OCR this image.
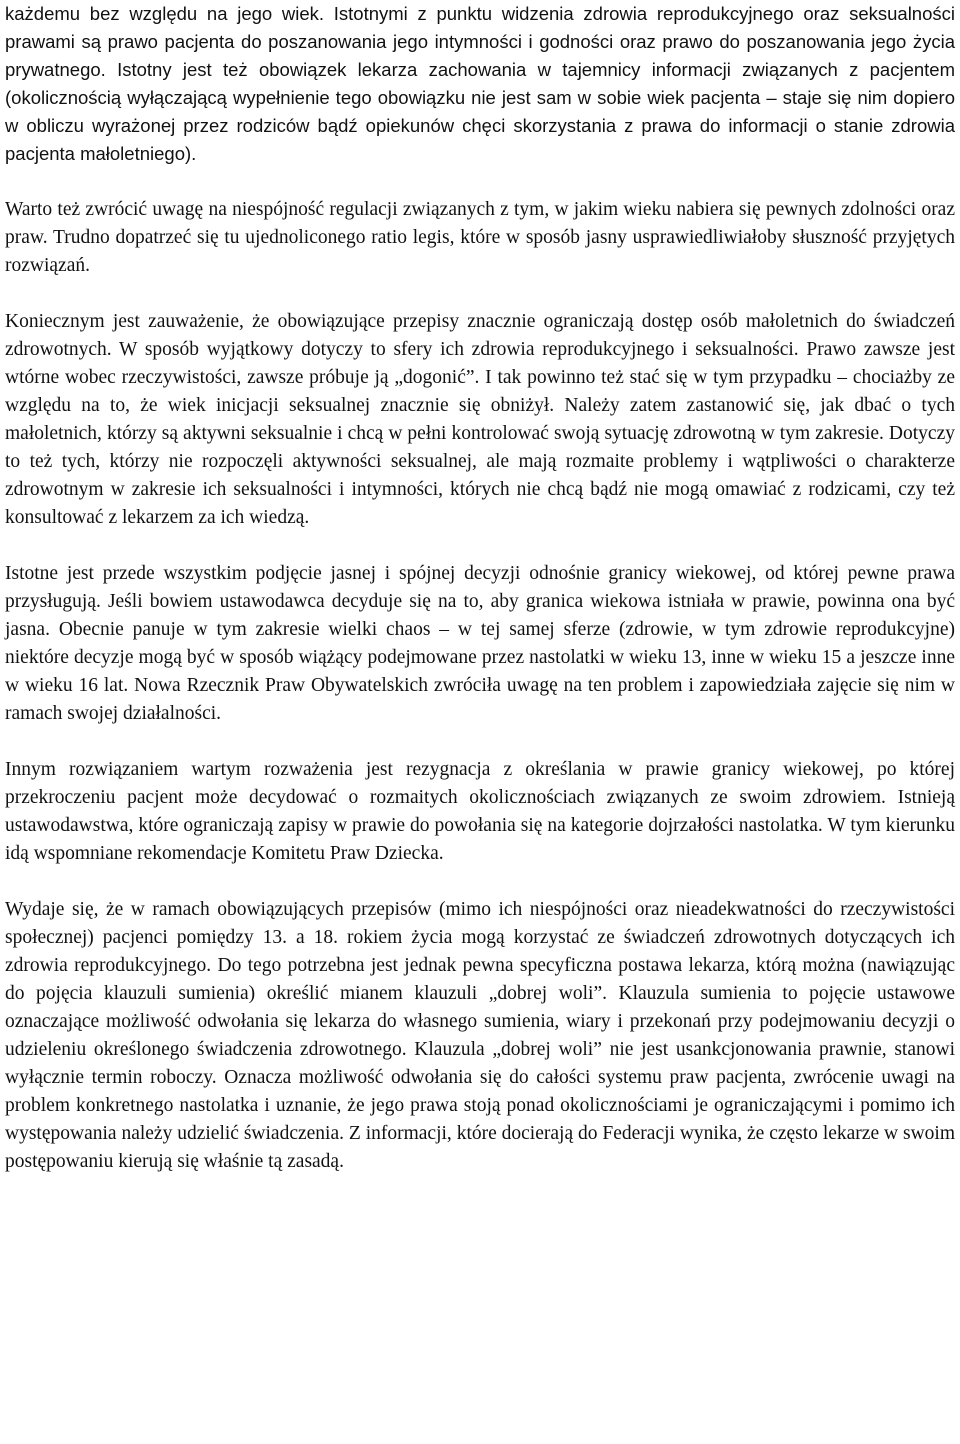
każdemu bez względu na jego wiek. Istotnymi z punktu widzenia zdrowia reprodukcyjnego oraz seksualności prawami są prawo pacjenta do poszanowania jego intymności i godności oraz prawo do poszanowania jego życia prywatnego. Istotny jest też obowiązek lekarza zachowania w tajemnicy informacji związanych z pacjentem (okolicznością wyłączającą wypełnienie tego obowiązku nie jest sam w sobie wiek pacjenta – staje się nim dopiero w obliczu wyrażonej przez rodziców bądź opiekunów chęci skorzystania z prawa do informacji o stanie zdrowia pacjenta małoletniego).

Warto też zwrócić uwagę na niespójność regulacji związanych z tym, w jakim wieku nabiera się pewnych zdolności oraz praw. Trudno dopatrzeć się tu ujednoliconego ratio legis, które w sposób jasny usprawiedliwiałoby słuszność przyjętych rozwiązań.

Koniecznym jest zauważenie, że obowiązujące przepisy znacznie ograniczają dostęp osób małoletnich do świadczeń zdrowotnych. W sposób wyjątkowy dotyczy to sfery ich zdrowia reprodukcyjnego i seksualności. Prawo zawsze jest wtórne wobec rzeczywistości, zawsze próbuje ją „dogonić”. I tak powinno też stać się w tym przypadku – chociażby ze względu na to, że wiek inicjacji seksualnej znacznie się obniżył. Należy zatem zastanowić się, jak dbać o tych małoletnich, którzy są aktywni seksualnie i chcą w pełni kontrolować swoją sytuację zdrowotną w tym zakresie. Dotyczy to też tych, którzy nie rozpoczęli aktywności seksualnej, ale mają rozmaite problemy i wątpliwości o charakterze zdrowotnym w zakresie ich seksualności i intymności, których nie chcą bądź nie mogą omawiać z rodzicami, czy też konsultować z lekarzem za ich wiedzą.

Istotne jest przede wszystkim podjęcie jasnej i spójnej decyzji odnośnie granicy wiekowej, od której pewne prawa przysługują. Jeśli bowiem ustawodawca decyduje się na to, aby granica wiekowa istniała w prawie, powinna ona być jasna. Obecnie panuje w tym zakresie wielki chaos – w tej samej sferze (zdrowie, w tym zdrowie reprodukcyjne) niektóre decyzje mogą być w sposób wiążący podejmowane przez nastolatki w wieku 13, inne w wieku 15 a jeszcze inne w wieku 16 lat. Nowa Rzecznik Praw Obywatelskich zwróciła uwagę na ten problem i zapowiedziała zajęcie się nim w ramach swojej działalności.

Innym rozwiązaniem wartym rozważenia jest rezygnacja z określania w prawie granicy wiekowej, po której przekroczeniu pacjent może decydować o rozmaitych okolicznościach związanych ze swoim zdrowiem. Istnieją ustawodawstwa, które ograniczają zapisy w prawie do powołania się na kategorie dojrzałości nastolatka. W tym kierunku idą wspomniane rekomendacje Komitetu Praw Dziecka.

Wydaje się, że w ramach obowiązujących przepisów (mimo ich niespójności oraz nieadekwatności do rzeczywistości społecznej) pacjenci pomiędzy 13. a 18. rokiem życia mogą korzystać ze świadczeń zdrowotnych dotyczących ich zdrowia reprodukcyjnego. Do tego potrzebna jest jednak pewna specyficzna postawa lekarza, którą można (nawiązując do pojęcia klauzuli sumienia) określić mianem klauzuli „dobrej woli”. Klauzula sumienia to pojęcie ustawowe oznaczające możliwość odwołania się lekarza do własnego sumienia, wiary i przekonań przy podejmowaniu decyzji o udzieleniu określonego świadczenia zdrowotnego. Klauzula „dobrej woli” nie jest usankcjonowania prawnie, stanowi wyłącznie termin roboczy. Oznacza możliwość odwołania się do całości systemu praw pacjenta, zwrócenie uwagi na problem konkretnego nastolatka i uznanie, że jego prawa stoją ponad okolicznościami je ograniczającymi i pomimo ich występowania należy udzielić świadczenia. Z informacji, które docierają do Federacji wynika, że często lekarze w swoim postępowaniu kierują się właśnie tą zasadą.
